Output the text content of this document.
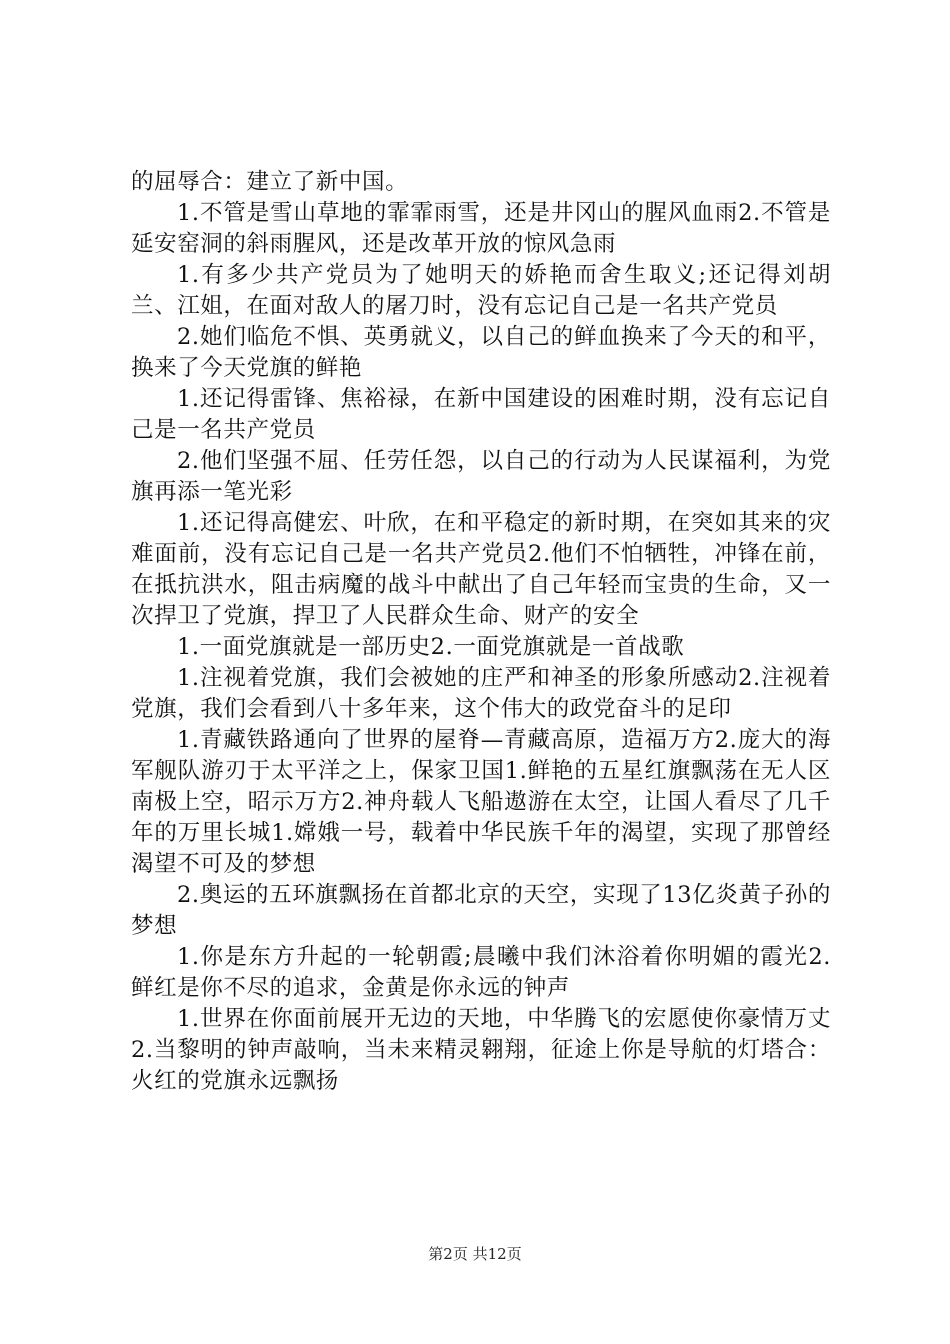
的屈辱合：建立了新中国。

1.不管是雪山草地的霏霏雨雪，还是井冈山的腥风血雨2.不管是延安窑洞的斜雨腥风，还是改革开放的惊风急雨

1.有多少共产党员为了她明天的娇艳而舍生取义;还记得刘胡兰、江姐，在面对敌人的屠刀时，没有忘记自己是一名共产党员

2.她们临危不惧、英勇就义，以自己的鲜血换来了今天的和平，换来了今天党旗的鲜艳

1.还记得雷锋、焦裕禄，在新中国建设的困难时期，没有忘记自己是一名共产党员

2.他们坚强不屈、任劳任怨，以自己的行动为人民谋福利，为党旗再添一笔光彩

1.还记得高健宏、叶欣，在和平稳定的新时期，在突如其来的灾难面前，没有忘记自己是一名共产党员2.他们不怕牺牲，冲锋在前，在抵抗洪水，阻击病魔的战斗中献出了自己年轻而宝贵的生命，又一次捍卫了党旗，捍卫了人民群众生命、财产的安全

1.一面党旗就是一部历史2.一面党旗就是一首战歌

1.注视着党旗，我们会被她的庄严和神圣的形象所感动2.注视着党旗，我们会看到八十多年来，这个伟大的政党奋斗的足印

1.青藏铁路通向了世界的屋脊—青藏高原，造福万方2.庞大的海军舰队游刃于太平洋之上，保家卫国1.鲜艳的五星红旗飘荡在无人区南极上空，昭示万方2.神舟载人飞船遨游在太空，让国人看尽了几千年的万里长城1.嫦娥一号，载着中华民族千年的渴望，实现了那曾经渴望不可及的梦想

2.奥运的五环旗飘扬在首都北京的天空，实现了13亿炎黄子孙的梦想

1.你是东方升起的一轮朝霞;晨曦中我们沐浴着你明媚的霞光2.鲜红是你不尽的追求，金黄是你永远的钟声

1.世界在你面前展开无边的天地，中华腾飞的宏愿使你豪情万丈2.当黎明的钟声敲响，当未来精灵翱翔，征途上你是导航的灯塔合：火红的党旗永远飘扬

第2页 共12页
